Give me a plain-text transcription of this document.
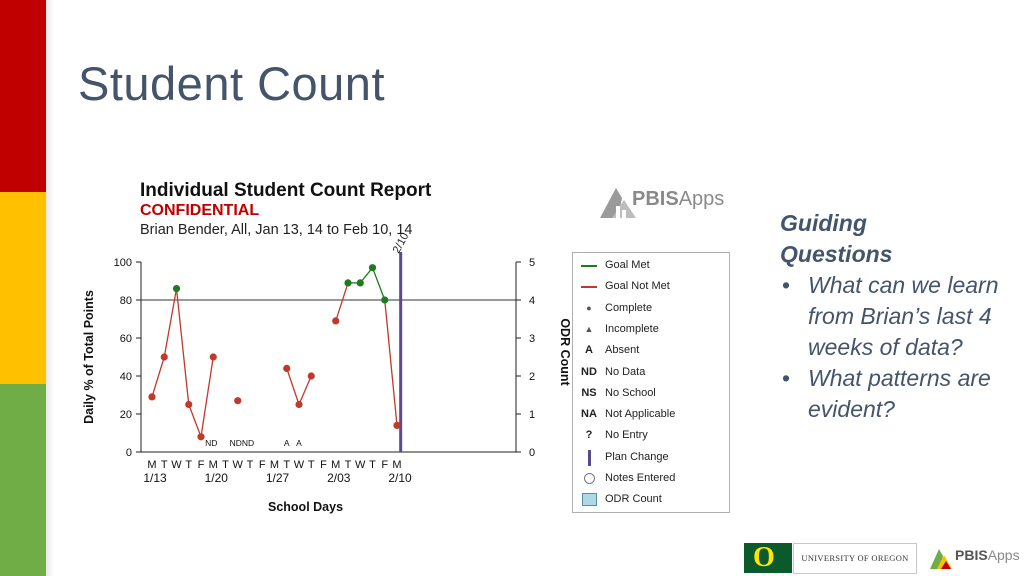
Student Count
Individual Student Count Report
CONFIDENTIAL
Brian Bender, All, Jan 13, 14 to Feb 10, 14
0
20
40
60
80
100
0
1
2
3
4
5
Daily % of Total Points
2/10
M T W T F M T W T F M T W T F M T W T F M
1/13	1/20	1/27	2/03	2/10
ND ND ND	A A
ODR Count
School Days
Goal Met
Goal Not Met
●	Complete
▲	Incomplete
A	Absent
ND No Data
NS No School
NA Not Applicable
?	No Entry
Plan Change
Notes Entered
ODR Count
PBISApps
Guiding
Questions
• What can we learn from Brian’s last 4 weeks of data?
• What patterns are evident?
O	UNIVERSITY OF OREGON	PBISApps
